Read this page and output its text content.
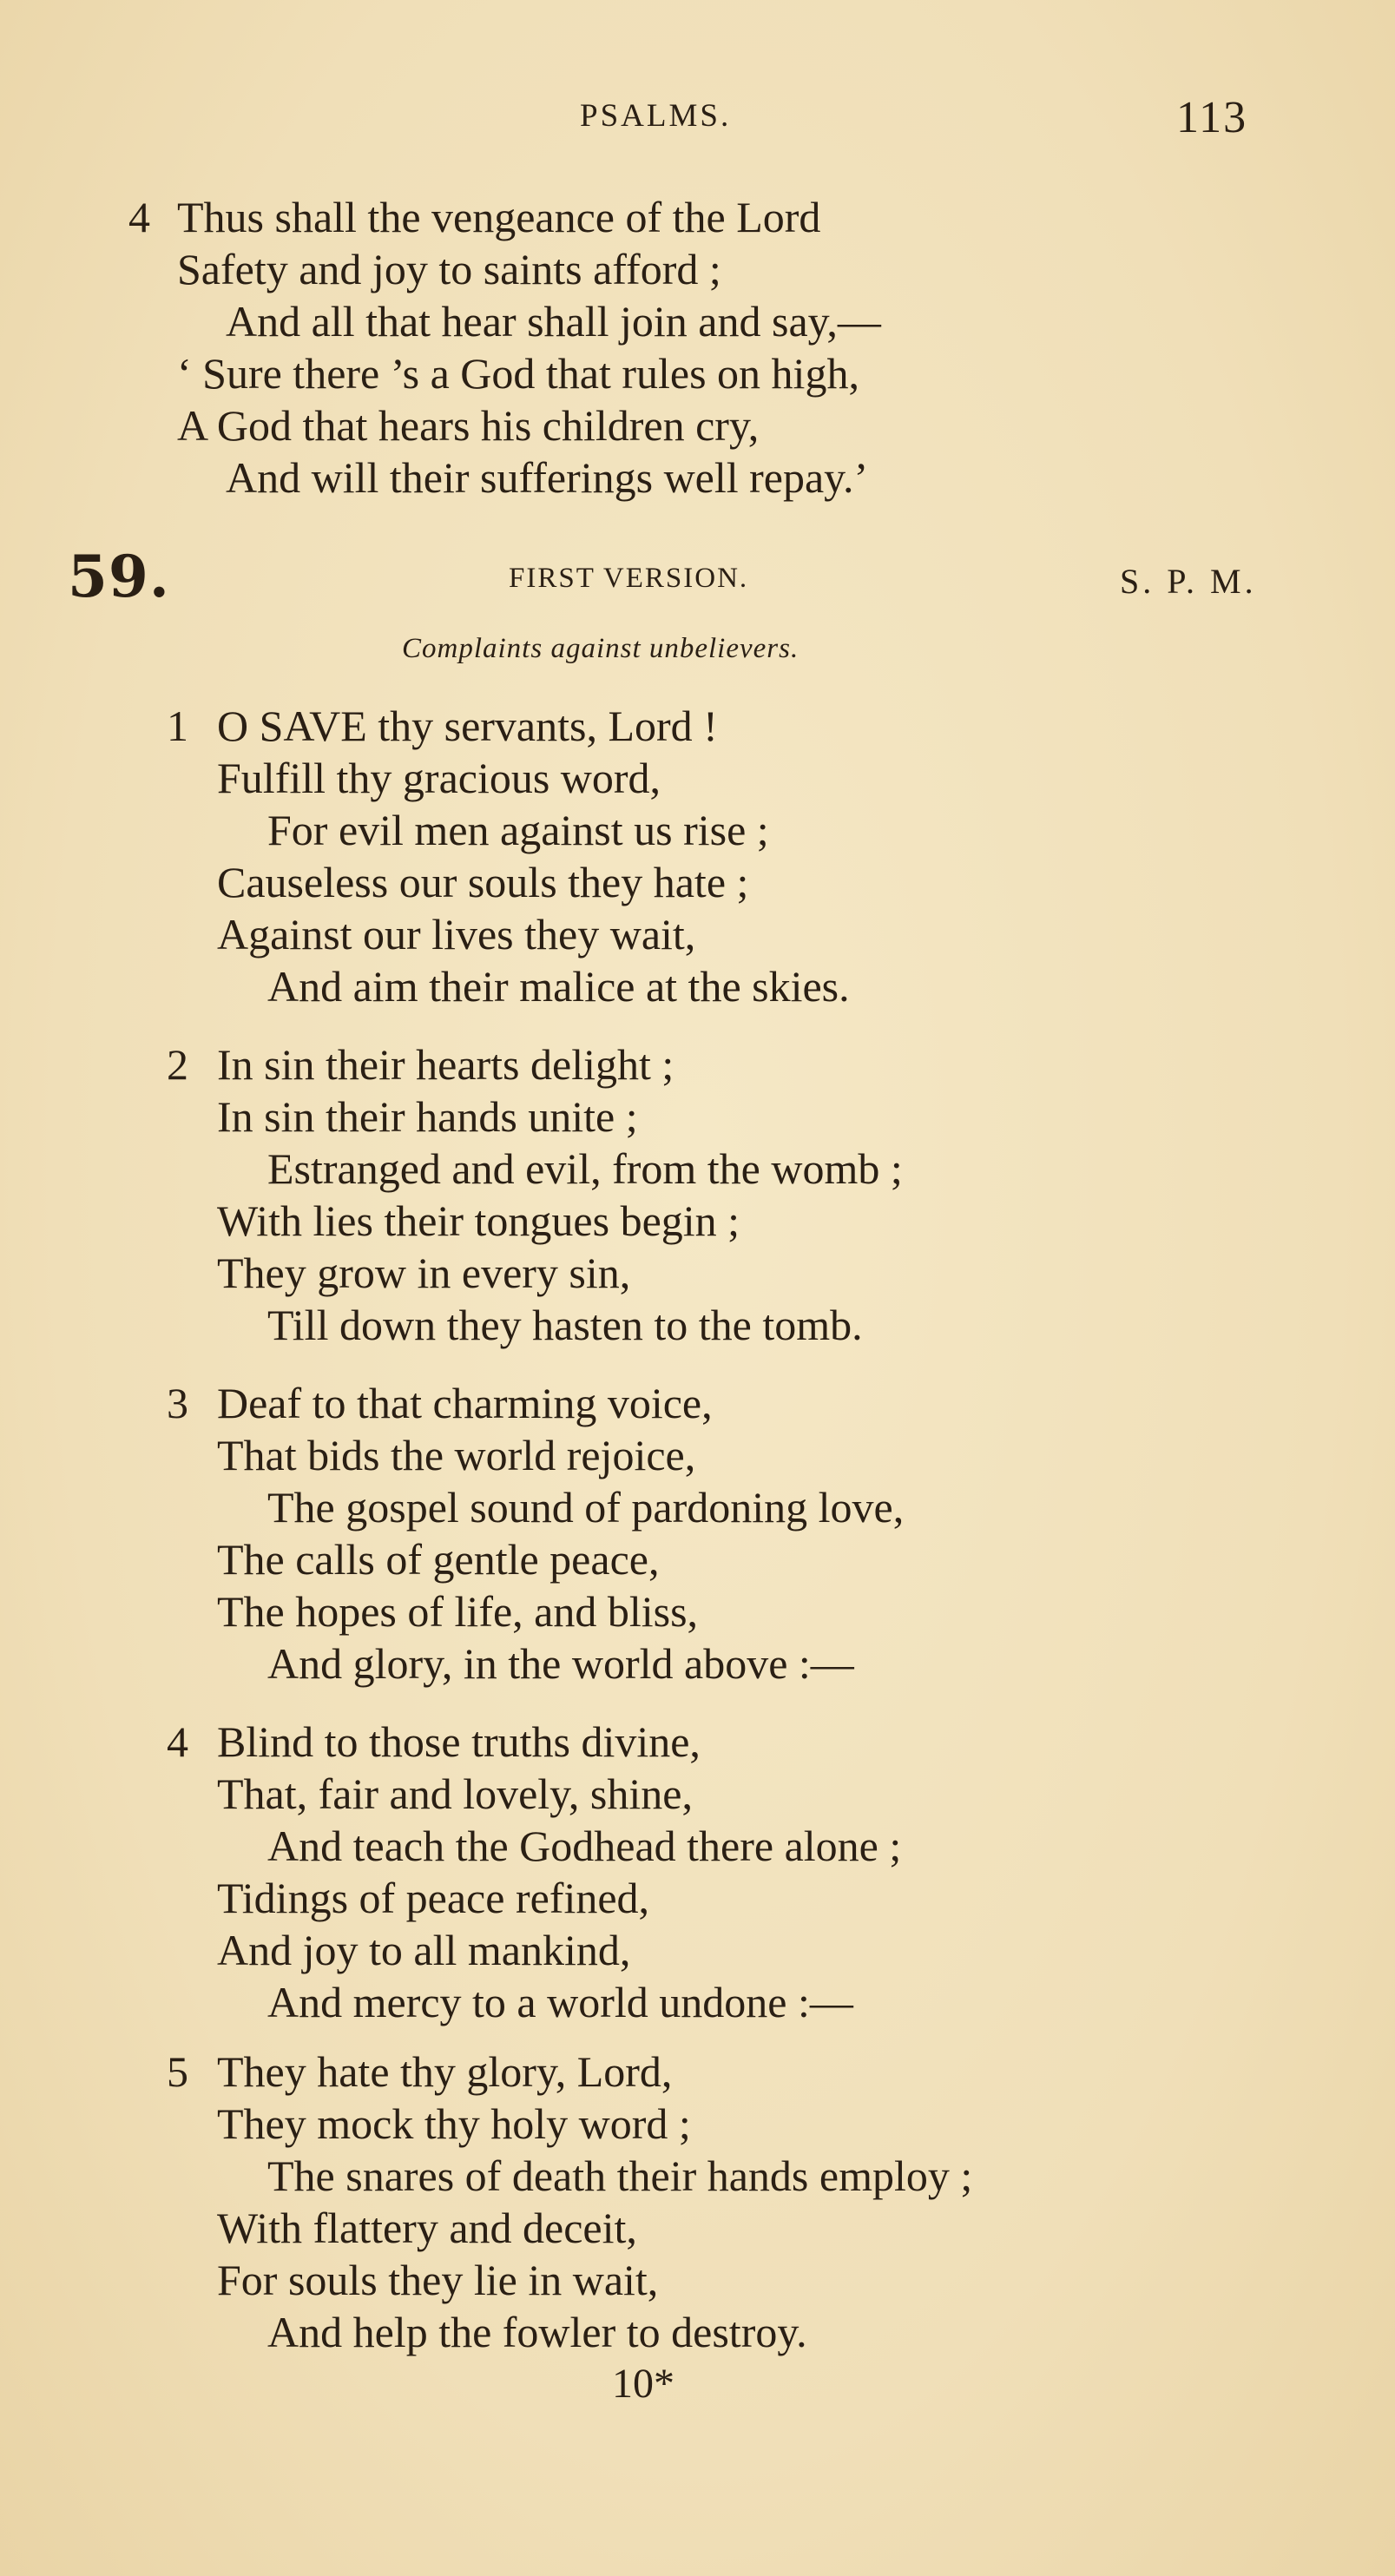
PSALMS.	113
4 Thus shall the vengeance of the Lord
Safety and joy to saints afford ;
And all that hear shall join and say,—
‘ Sure there ’s a God that rules on high,
A God that hears his children cry,
And will their sufferings well repay.’
59.	FIRST VERSION.	S. P. M.
Complaints against unbelievers.
1 O SAVE thy servants, Lord !
Fulfill thy gracious word,
For evil men against us rise ;
Causeless our souls they hate ;
Against our lives they wait,
And aim their malice at the skies.
2 In sin their hearts delight ;
In sin their hands unite ;
Estranged and evil, from the womb ;
With lies their tongues begin ;
They grow in every sin,
Till down they hasten to the tomb.
3 Deaf to that charming voice,
That bids the world rejoice,
The gospel sound of pardoning love,
The calls of gentle peace,
The hopes of life, and bliss,
And glory, in the world above :—
4 Blind to those truths divine,
That, fair and lovely, shine,
And teach the Godhead there alone ;
Tidings of peace refined,
And joy to all mankind,
And mercy to a world undone :—
5 They hate thy glory, Lord,
They mock thy holy word ;
The snares of death their hands employ ;
With flattery and deceit,
For souls they lie in wait,
And help the fowler to destroy.
10*
